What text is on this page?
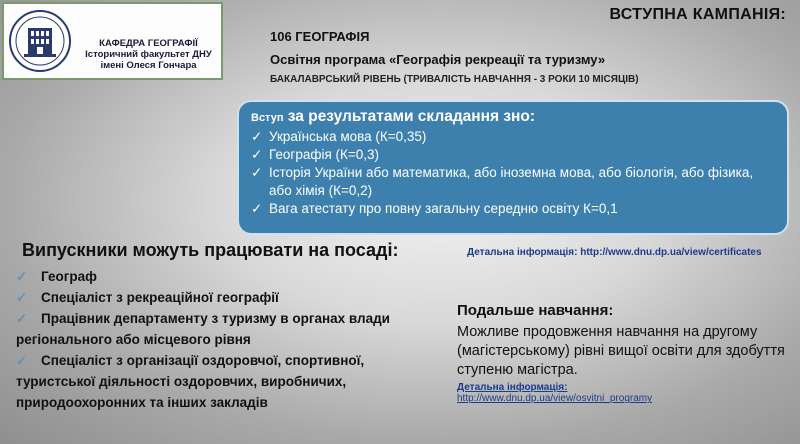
КАФЕДРА ГЕОГРАФІЇ
Історичний факультет ДНУ
імені Олеся Гончара
ВСТУПНА КАМПАНІЯ:
106 ГЕОГРАФІЯ
Освітня програма «Географія рекреації та туризму»
БАКАЛАВРСЬКИЙ РІВЕНЬ (ТРИВАЛІСТЬ НАВЧАННЯ - 3 РОКИ 10 МІСЯЦІВ)
Вступ за результатами складання зно:
✓ Українська мова (К=0,35)
✓ Географія (К=0,3)
✓ Історія України або математика, або іноземна мова, або біологія, або фізика, або хімія (К=0,2)
✓ Вага атестату про повну загальну середню освіту К=0,1
Детальна інформація: http://www.dnu.dp.ua/view/certificates
Випускники можуть працювати на посаді:
✓ Географ
✓ Спеціаліст з рекреаційної географії
✓ Працівник департаменту з туризму в органах влади регіонального або місцевого рівня
✓ Спеціаліст з організації оздоровчої, спортивної, туристської діяльності оздоровчих, виробничих, природоохоронних та інших закладів
Подальше навчання:
Можливе продовження навчання на другому (магістерському) рівні вищої освіти для здобуття ступеню магістра.
Детальна інформація:
http://www.dnu.dp.ua/view/osvitni_programy
